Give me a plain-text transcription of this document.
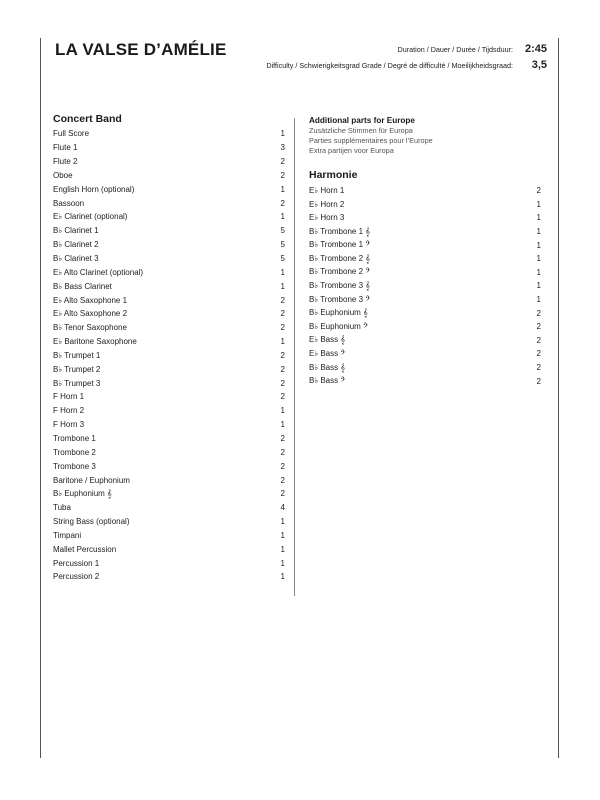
LA VALSE D’AMÉLIE	Duration / Dauer / Durée / Tijdsduur: 2:45
Difficulty / Schwierigkeitsgrad Grade / Degré de difficulté / Moeilijkheidsgraad: 3,5
Concert Band
Full Score	1
Flute 1	3
Flute 2	2
Oboe	2
English Horn (optional)	1
Bassoon	2
E♭ Clarinet (optional)	1
B♭ Clarinet 1	5
B♭ Clarinet 2	5
B♭ Clarinet 3	5
E♭ Alto Clarinet (optional)	1
B♭ Bass Clarinet	1
E♭ Alto Saxophone 1	2
E♭ Alto Saxophone 2	2
B♭ Tenor Saxophone	2
E♭ Baritone Saxophone	1
B♭ Trumpet 1	2
B♭ Trumpet 2	2
B♭ Trumpet 3	2
F Horn 1	2
F Horn 2	1
F Horn 3	1
Trombone 1	2
Trombone 2	2
Trombone 3	2
Baritone / Euphonium	2
B♭ Euphonium 𝄞	2
Tuba	4
String Bass (optional)	1
Timpani	1
Mallet Percussion	1
Percussion 1	1
Percussion 2	1
Additional parts for Europe
Zusätzliche Stimmen für Europa
Parties supplémentaires pour l’Europe
Extra partijen voor Europa
Harmonie
E♭ Horn 1	2
E♭ Horn 2	1
E♭ Horn 3	1
B♭ Trombone 1 𝄞	1
B♭ Trombone 1 𝄢	1
B♭ Trombone 2 𝄞	1
B♭ Trombone 2 𝄢	1
B♭ Trombone 3 𝄞	1
B♭ Trombone 3 𝄢	1
B♭ Euphonium 𝄞	2
B♭ Euphonium 𝄢	2
E♭ Bass 𝄞	2
E♭ Bass 𝄢	2
B♭ Bass 𝄞	2
B♭ Bass 𝄢	2
